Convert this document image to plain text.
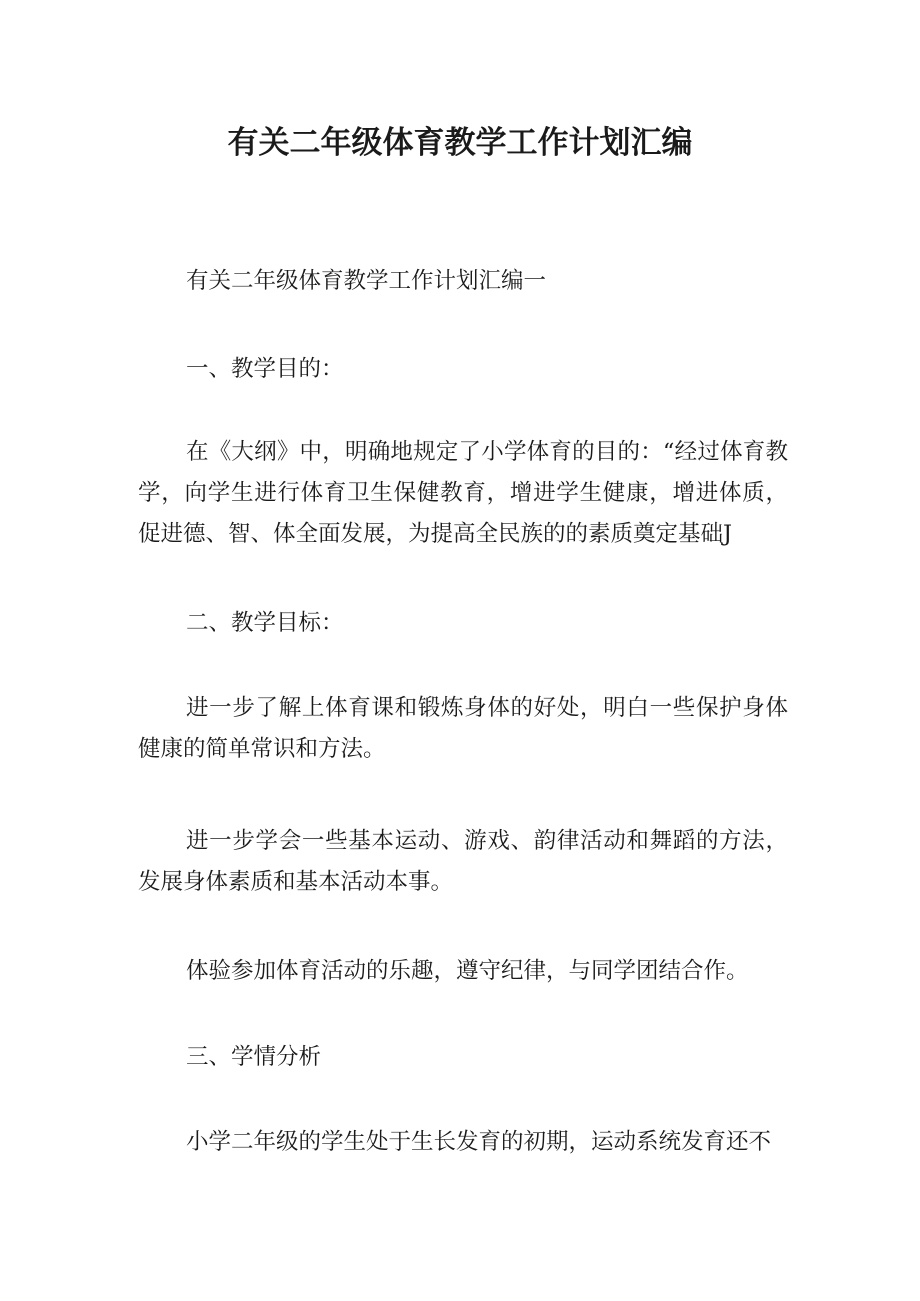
有关二年级体育教学工作计划汇编

有关二年级体育教学工作计划汇编一

一、教学目的：

在《大纲》中，明确地规定了小学体育的目的：“经过体育教学，向学生进行体育卫生保健教育，增进学生健康，增进体质，促进德、智、体全面发展，为提高全民族的的素质奠定基础J

二、教学目标：

进一步了解上体育课和锻炼身体的好处，明白一些保护身体健康的简单常识和方法。

进一步学会一些基本运动、游戏、韵律活动和舞蹈的方法，发展身体素质和基本活动本事。

体验参加体育活动的乐趣，遵守纪律，与同学团结合作。

三、学情分析

小学二年级的学生处于生长发育的初期，运动系统发育还不
